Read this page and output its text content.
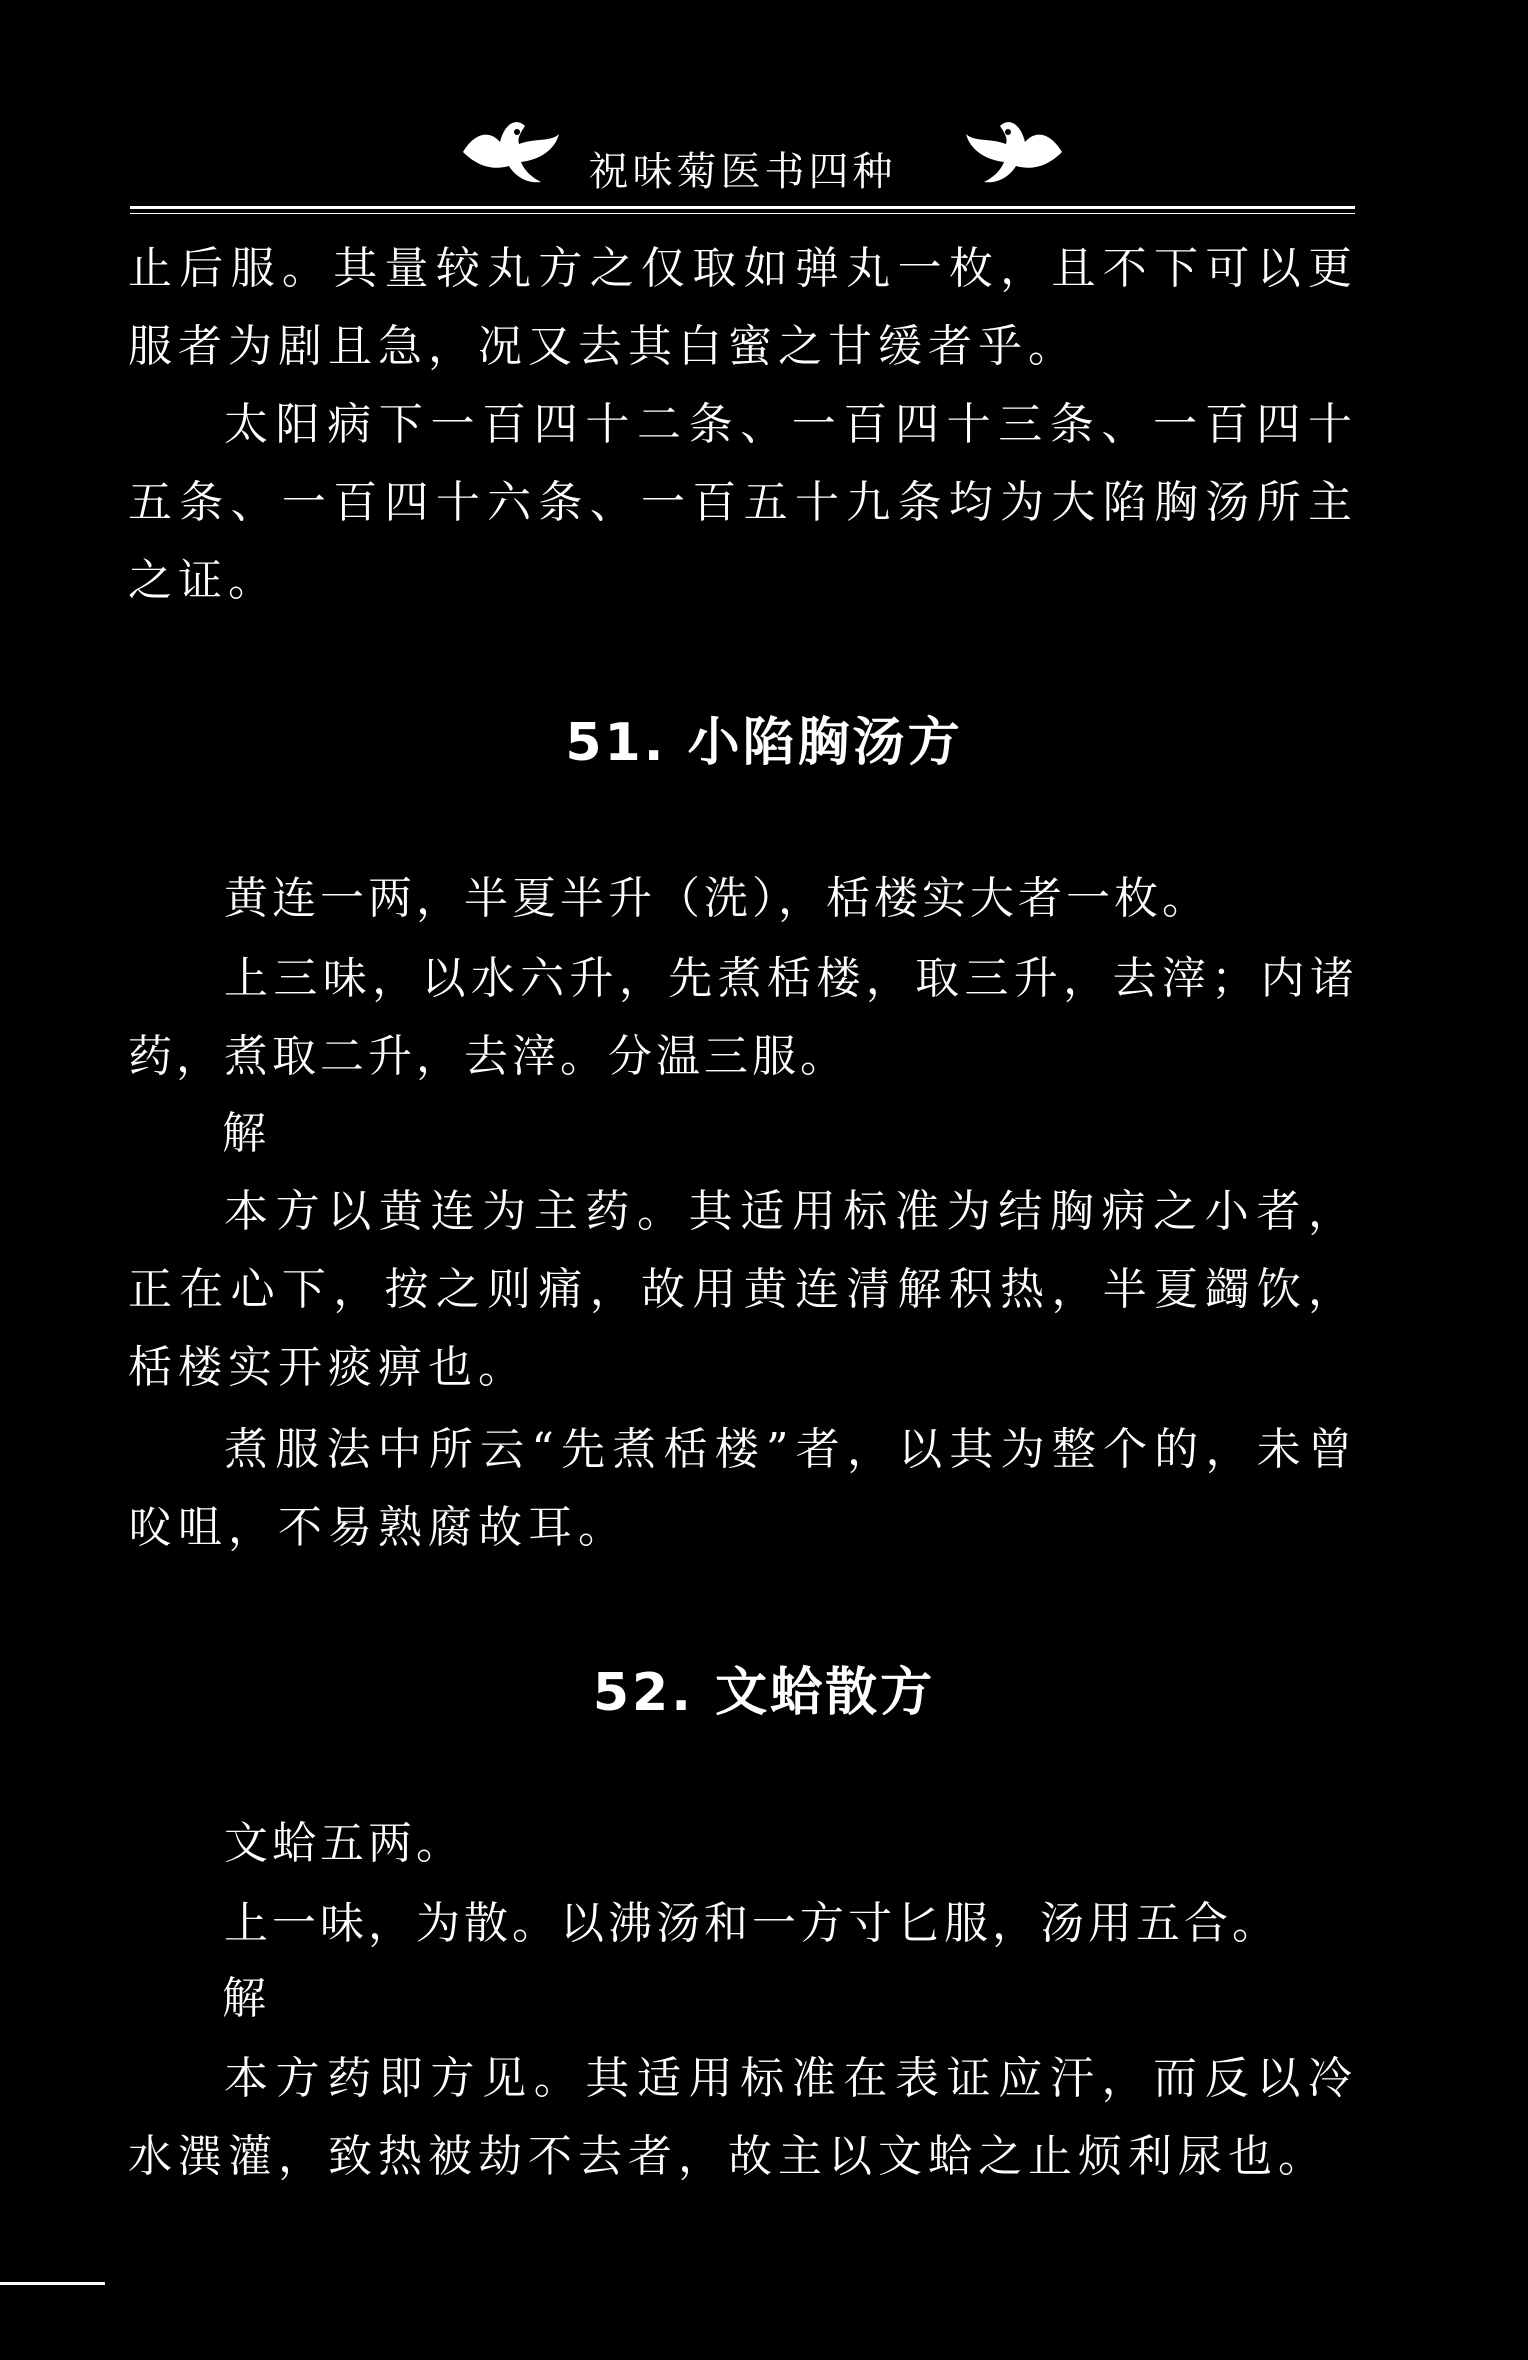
祝味菊医书四种

止后服。其量较丸方之仅取如弹丸一枚，且不下可以更服者为剧且急，况又去其白蜜之甘缓者乎。

太阳病下一百四十二条、一百四十三条、一百四十五条、一百四十六条、一百五十九条均为大陷胸汤所主之证。

51. 小陷胸汤方

黄连一两，半夏半升（洗），栝楼实大者一枚。

上三味，以水六升，先煮栝楼，取三升，去滓；内诸药，煮取二升，去滓。分温三服。

解

本方以黄连为主药。其适用标准为结胸病之小者，正在心下，按之则痛，故用黄连清解积热，半夏蠲饮，栝楼实开痰痹也。

煮服法中所云“先煮栝楼”者，以其为整个的，未曾㕮咀，不易熟腐故耳。

52. 文蛤散方

文蛤五两。

上一味，为散。以沸汤和一方寸匕服，汤用五合。

解

本方药即方见。其适用标准在表证应汗，而反以冷水潠灌，致热被劫不去者，故主以文蛤之止烦利尿也。
